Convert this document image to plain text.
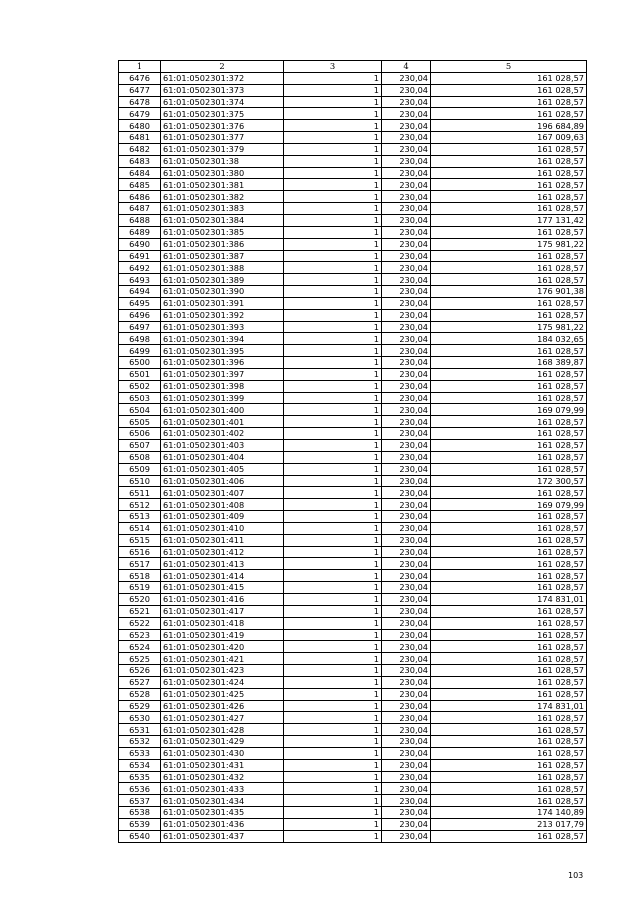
1	2	3	4	5
6476	61:01:0502301:372	1	230,04	161 028,57
6477	61:01:0502301:373	1	230,04	161 028,57
6478	61:01:0502301:374	1	230,04	161 028,57
6479	61:01:0502301:375	1	230,04	161 028,57
6480	61:01:0502301:376	1	230,04	196 684,89
6481	61:01:0502301:377	1	230,04	167 009,63
6482	61:01:0502301:379	1	230,04	161 028,57
6483	61:01:0502301:38	1	230,04	161 028,57
6484	61:01:0502301:380	1	230,04	161 028,57
6485	61:01:0502301:381	1	230,04	161 028,57
6486	61:01:0502301:382	1	230,04	161 028,57
6487	61:01:0502301:383	1	230,04	161 028,57
6488	61:01:0502301:384	1	230,04	177 131,42
6489	61:01:0502301:385	1	230,04	161 028,57
6490	61:01:0502301:386	1	230,04	175 981,22
6491	61:01:0502301:387	1	230,04	161 028,57
6492	61:01:0502301:388	1	230,04	161 028,57
6493	61:01:0502301:389	1	230,04	161 028,57
6494	61:01:0502301:390	1	230,04	176 901,38
6495	61:01:0502301:391	1	230,04	161 028,57
6496	61:01:0502301:392	1	230,04	161 028,57
6497	61:01:0502301:393	1	230,04	175 981,22
6498	61:01:0502301:394	1	230,04	184 032,65
6499	61:01:0502301:395	1	230,04	161 028,57
6500	61:01:0502301:396	1	230,04	168 389,87
6501	61:01:0502301:397	1	230,04	161 028,57
6502	61:01:0502301:398	1	230,04	161 028,57
6503	61:01:0502301:399	1	230,04	161 028,57
6504	61:01:0502301:400	1	230,04	169 079,99
6505	61:01:0502301:401	1	230,04	161 028,57
6506	61:01:0502301:402	1	230,04	161 028,57
6507	61:01:0502301:403	1	230,04	161 028,57
6508	61:01:0502301:404	1	230,04	161 028,57
6509	61:01:0502301:405	1	230,04	161 028,57
6510	61:01:0502301:406	1	230,04	172 300,57
6511	61:01:0502301:407	1	230,04	161 028,57
6512	61:01:0502301:408	1	230,04	169 079,99
6513	61:01:0502301:409	1	230,04	161 028,57
6514	61:01:0502301:410	1	230,04	161 028,57
6515	61:01:0502301:411	1	230,04	161 028,57
6516	61:01:0502301:412	1	230,04	161 028,57
6517	61:01:0502301:413	1	230,04	161 028,57
6518	61:01:0502301:414	1	230,04	161 028,57
6519	61:01:0502301:415	1	230,04	161 028,57
6520	61:01:0502301:416	1	230,04	174 831,01
6521	61:01:0502301:417	1	230,04	161 028,57
6522	61:01:0502301:418	1	230,04	161 028,57
6523	61:01:0502301:419	1	230,04	161 028,57
6524	61:01:0502301:420	1	230,04	161 028,57
6525	61:01:0502301:421	1	230,04	161 028,57
6526	61:01:0502301:423	1	230,04	161 028,57
6527	61:01:0502301:424	1	230,04	161 028,57
6528	61:01:0502301:425	1	230,04	161 028,57
6529	61:01:0502301:426	1	230,04	174 831,01
6530	61:01:0502301:427	1	230,04	161 028,57
6531	61:01:0502301:428	1	230,04	161 028,57
6532	61:01:0502301:429	1	230,04	161 028,57
6533	61:01:0502301:430	1	230,04	161 028,57
6534	61:01:0502301:431	1	230,04	161 028,57
6535	61:01:0502301:432	1	230,04	161 028,57
6536	61:01:0502301:433	1	230,04	161 028,57
6537	61:01:0502301:434	1	230,04	161 028,57
6538	61:01:0502301:435	1	230,04	174 140,89
6539	61:01:0502301:436	1	230,04	213 017,79
6540	61:01:0502301:437	1	230,04	161 028,57
103
